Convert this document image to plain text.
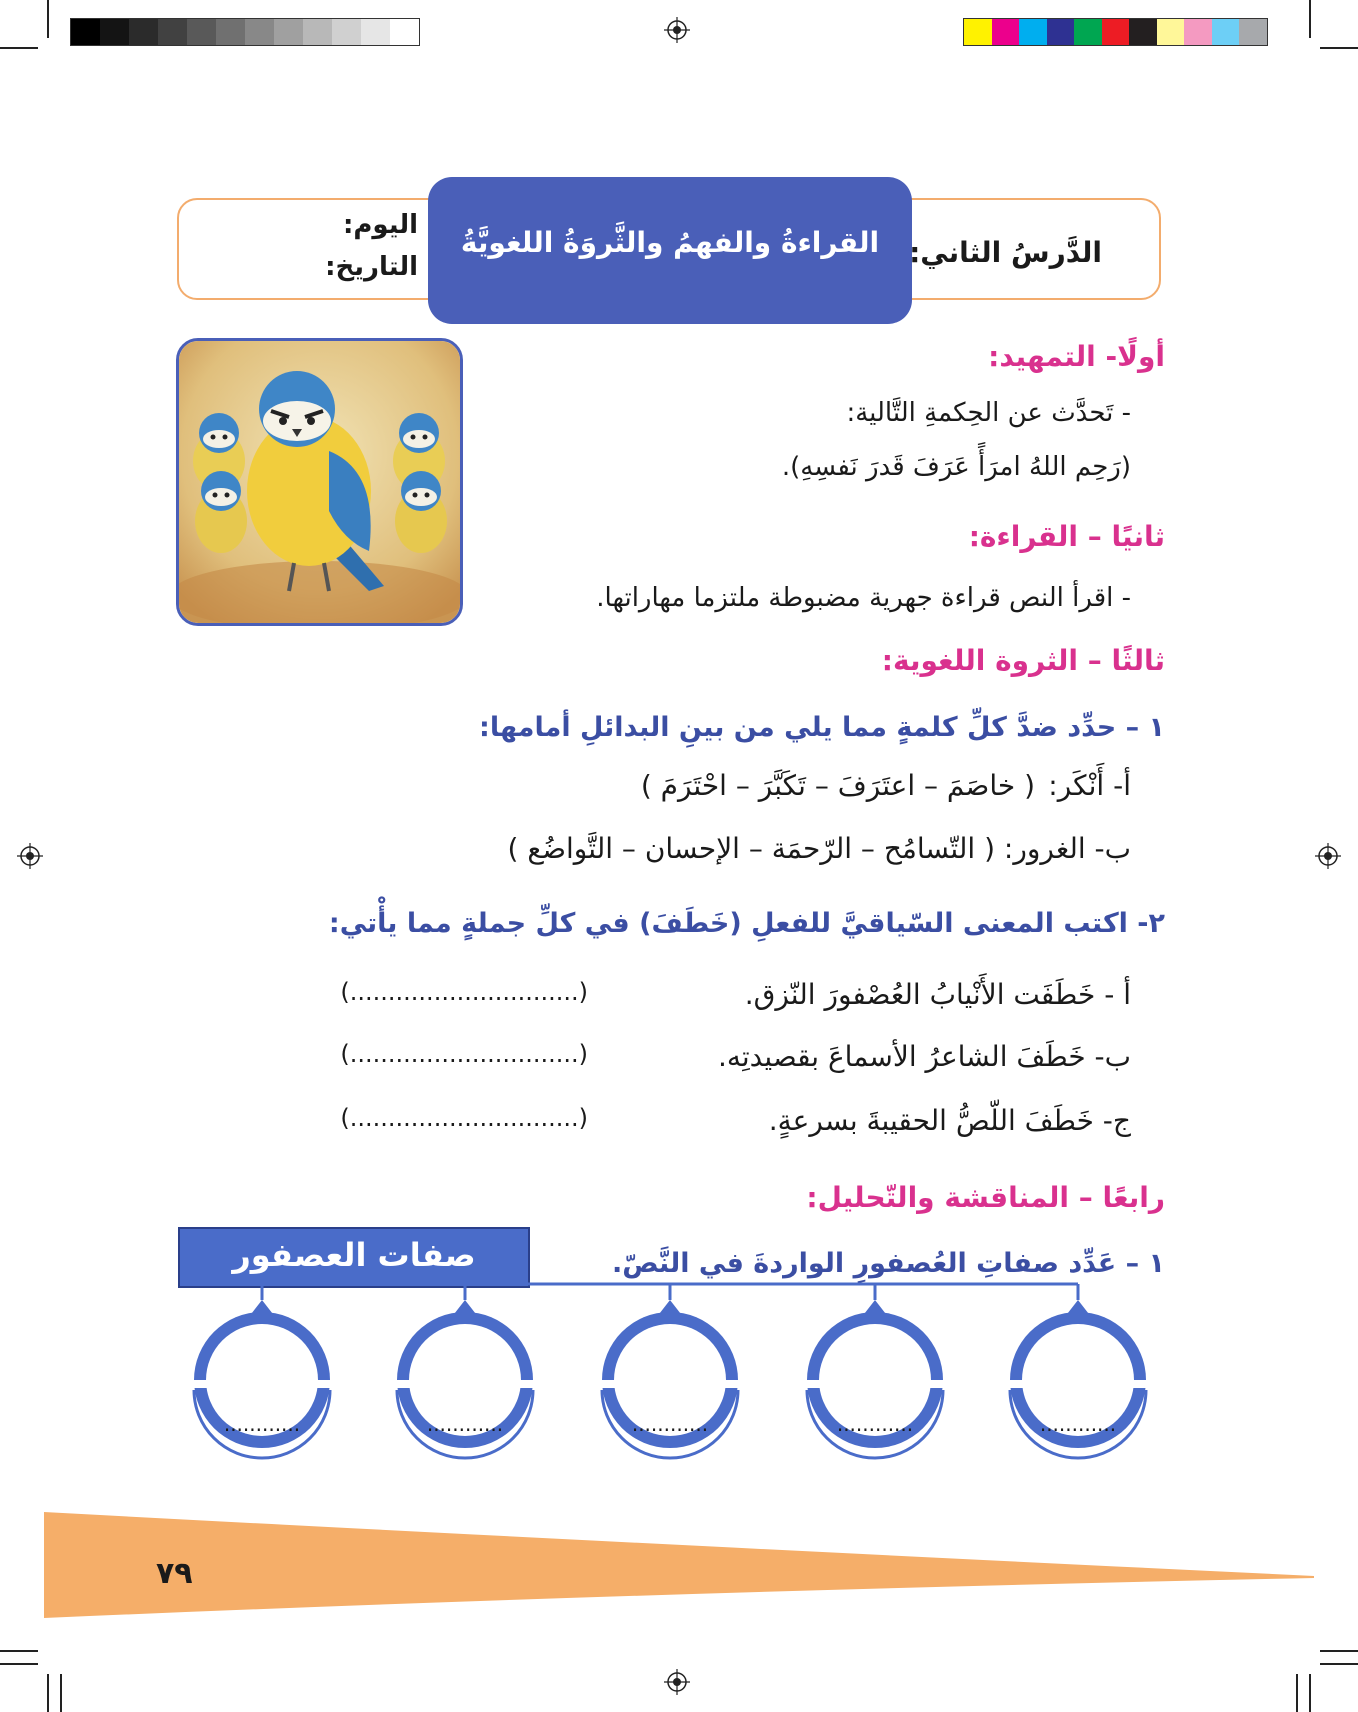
القراءةُ والفهمُ والثَّروَةُ اللغويَّةُ	الدَّرسُ الثاني:
اليوم:
التاريخ:
أولًا- التمهيد:
- تَحدَّث عن الحِكمةِ التَّالية:
(رَحِم اللهُ امرَأً عَرَفَ قَدرَ نَفسِهِ).
ثانيًا – القراءة:
- اقرأ النص قراءة جهرية مضبوطة ملتزما مهاراتها.
ثالثًا – الثروة اللغوية:
١ – حدِّد ضدَّ كلِّ كلمةٍ مما يلي من بينِ البدائلِ أمامها:
أ- أَنْكَر:
( خاصَمَ – اعتَرَفَ – تَكَبَّرَ – احْتَرَمَ )
ب- الغرور: ( التّسامُح – الرّحمَة – الإحسان – التَّواضُع )
٢- اكتب المعنى السّياقيَّ للفعلِ (خَطَفَ) في كلِّ جملةٍ مما يأْتي:
أ - خَطَفَت الأَنْيابُ العُصْفورَ النّزق.
(..............................)
ب- خَطَفَ الشاعرُ الأسماعَ بقصيدتِه.
(..............................)
ج- خَطَفَ اللّصُّ الحقيبةَ بسرعةٍ.
(..............................)
رابعًا – المناقشة والتّحليل:
١ – عَدِّد صفاتِ العُصفورِ الواردةَ في النَّصّ.
صفات العصفور
............	............	............	............	............
٧٩
